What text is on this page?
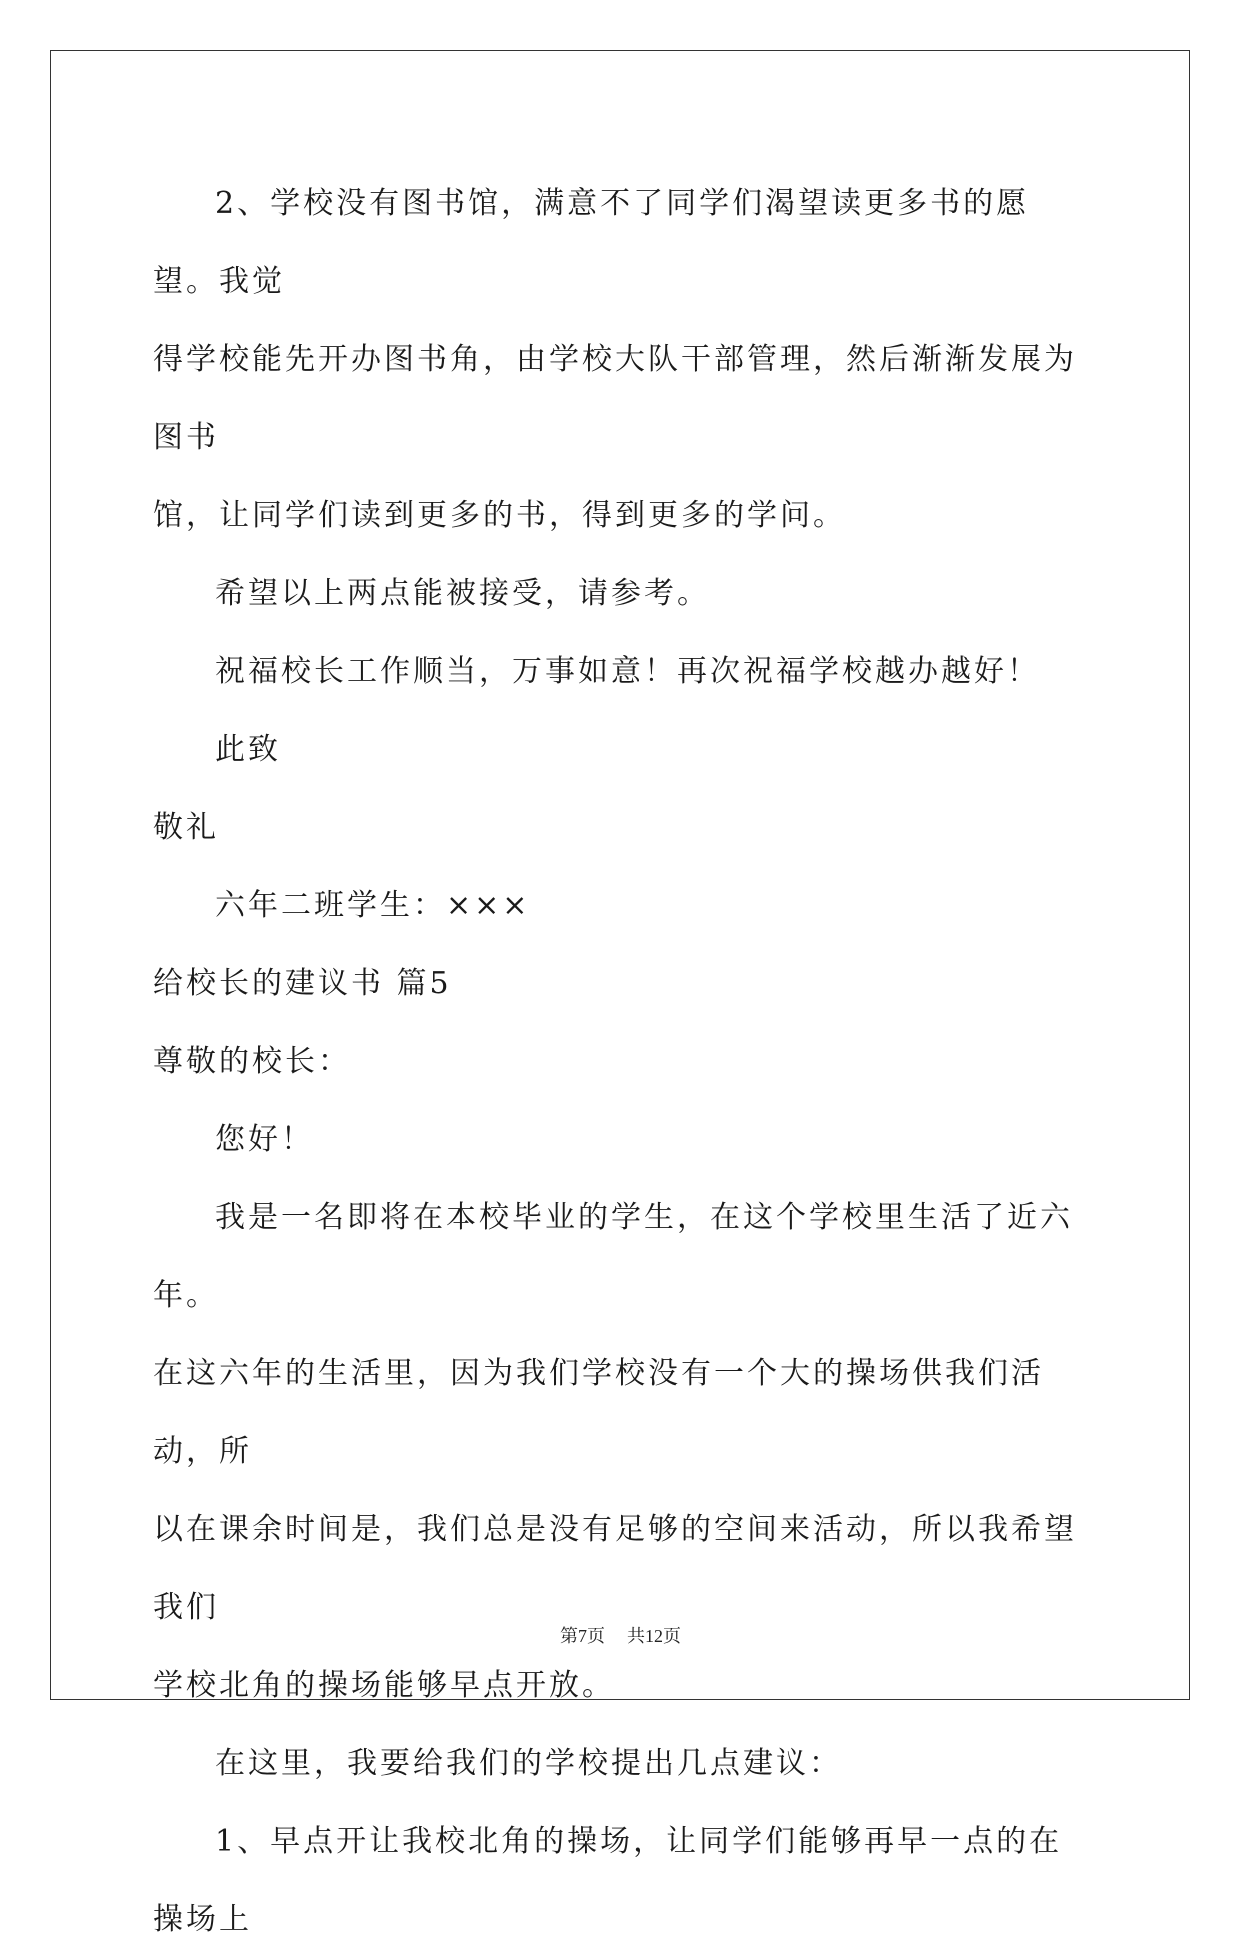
2、学校没有图书馆，满意不了同学们渴望读更多书的愿望。我觉
得学校能先开办图书角，由学校大队干部管理，然后渐渐发展为图书
馆，让同学们读到更多的书，得到更多的学问。
希望以上两点能被接受，请参考。
祝福校长工作顺当，万事如意！再次祝福学校越办越好！
此致
敬礼
六年二班学生：×××
给校长的建议书 篇5
尊敬的校长：
您好！
我是一名即将在本校毕业的学生，在这个学校里生活了近六年。
在这六年的生活里，因为我们学校没有一个大的操场供我们活动，所
以在课余时间是，我们总是没有足够的空间来活动，所以我希望我们
学校北角的操场能够早点开放。
在这里，我要给我们的学校提出几点建议：
1、早点开让我校北角的操场，让同学们能够再早一点的在操场上
第7页 共12页
